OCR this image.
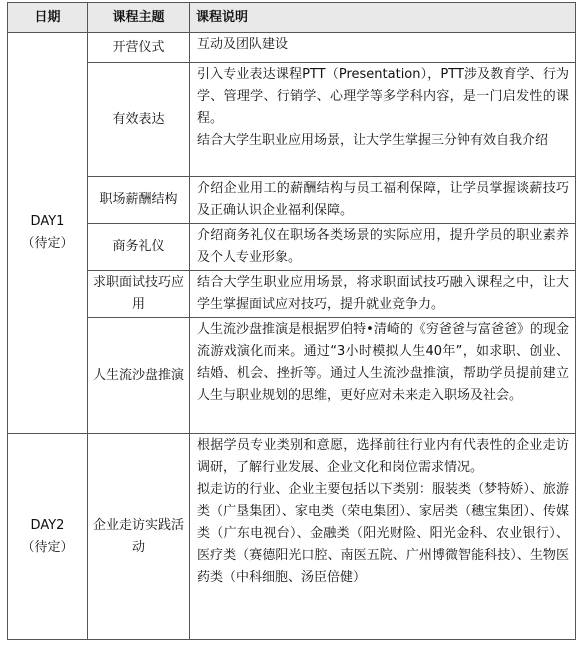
日期	课程主题	课程说明

DAY1
（待定）	开营仪式	互动及团队建设

	有效表达	引入专业表达课程PTT（Presentation），PTT涉及教育学、行为学、管理学、行销学、心理学等多学科内容，是一门启发性的课程。
结合大学生职业应用场景，让大学生掌握三分钟有效自我介绍

	职场薪酬结构	介绍企业用工的薪酬结构与员工福利保障，让学员掌握谈薪技巧及正确认识企业福利保障。

	商务礼仪	介绍商务礼仪在职场各类场景的实际应用，提升学员的职业素养及个人专业形象。

	求职面试技巧应用	结合大学生职业应用场景，将求职面试技巧融入课程之中，让大学生掌握面试应对技巧，提升就业竞争力。

	人生流沙盘推演	人生流沙盘推演是根据罗伯特•清崎的《穷爸爸与富爸爸》的现金流游戏演化而来。通过“3小时模拟人生40年”，如求职、创业、结婚、机会、挫折等。通过人生流沙盘推演，帮助学员提前建立人生与职业规划的思维，更好应对未来走入职场及社会。

DAY2
（待定）	企业走访实践活动	根据学员专业类别和意愿，选择前往行业内有代表性的企业走访调研，了解行业发展、企业文化和岗位需求情况。
拟走访的行业、企业主要包括以下类别：服装类（梦特娇）、旅游类（广垦集团）、家电类（荣电集团）、家居类（穗宝集团）、传媒类（广东电视台）、金融类（阳光财险、阳光金科、农业银行）、医疗类（赛德阳光口腔、南医五院、广州博微智能科技）、生物医药类（中科细胞、汤臣倍健）
